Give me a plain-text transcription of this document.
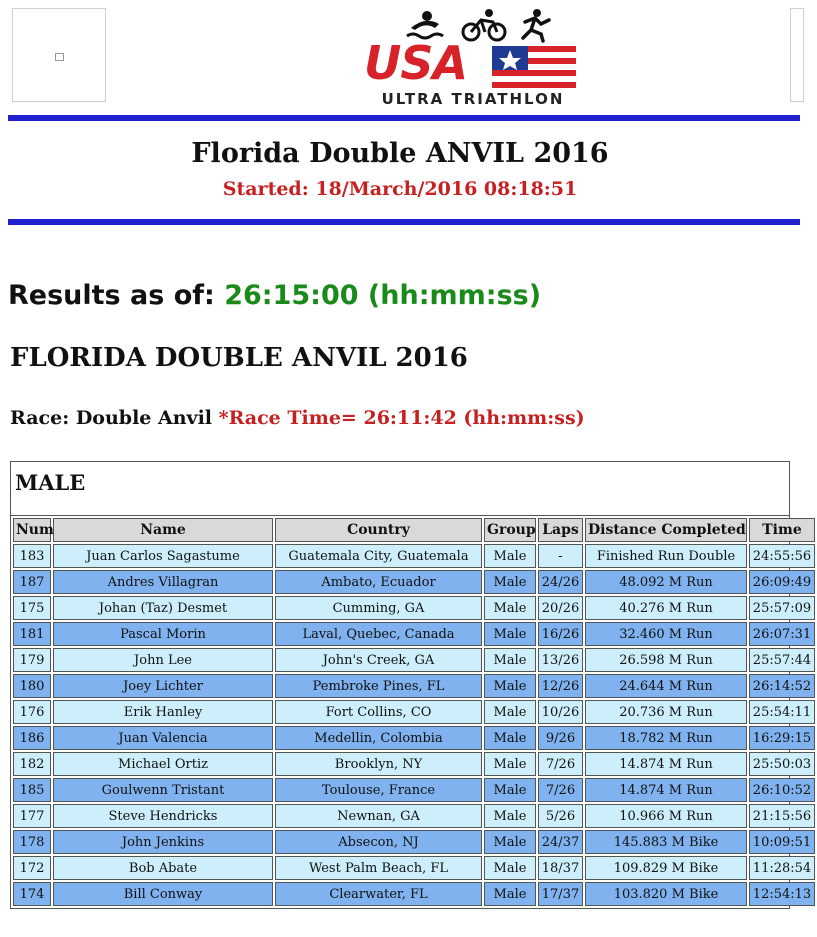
USA
ULTRA TRIATHLON
Florida Double ANVIL 2016
Started: 18/March/2016 08:18:51
Results as of: 26:15:00 (hh:mm:ss)
FLORIDA DOUBLE ANVIL 2016
Race: Double Anvil *Race Time= 26:11:42 (hh:mm:ss)
MALE
Num	Name	Country	Group	Laps	Distance Completed	Time
183	Juan Carlos Sagastume	Guatemala City, Guatemala	Male	-	Finished Run Double	24:55:56
187	Andres Villagran	Ambato, Ecuador	Male	24/26	48.092 M Run	26:09:49
175	Johan (Taz) Desmet	Cumming, GA	Male	20/26	40.276 M Run	25:57:09
181	Pascal Morin	Laval, Quebec, Canada	Male	16/26	32.460 M Run	26:07:31
179	John Lee	John's Creek, GA	Male	13/26	26.598 M Run	25:57:44
180	Joey Lichter	Pembroke Pines, FL	Male	12/26	24.644 M Run	26:14:52
176	Erik Hanley	Fort Collins, CO	Male	10/26	20.736 M Run	25:54:11
186	Juan Valencia	Medellin, Colombia	Male	9/26	18.782 M Run	16:29:15
182	Michael Ortiz	Brooklyn, NY	Male	7/26	14.874 M Run	25:50:03
185	Goulwenn Tristant	Toulouse, France	Male	7/26	14.874 M Run	26:10:52
177	Steve Hendricks	Newnan, GA	Male	5/26	10.966 M Run	21:15:56
178	John Jenkins	Absecon, NJ	Male	24/37	145.883 M Bike	10:09:51
172	Bob Abate	West Palm Beach, FL	Male	18/37	109.829 M Bike	11:28:54
174	Bill Conway	Clearwater, FL	Male	17/37	103.820 M Bike	12:54:13
